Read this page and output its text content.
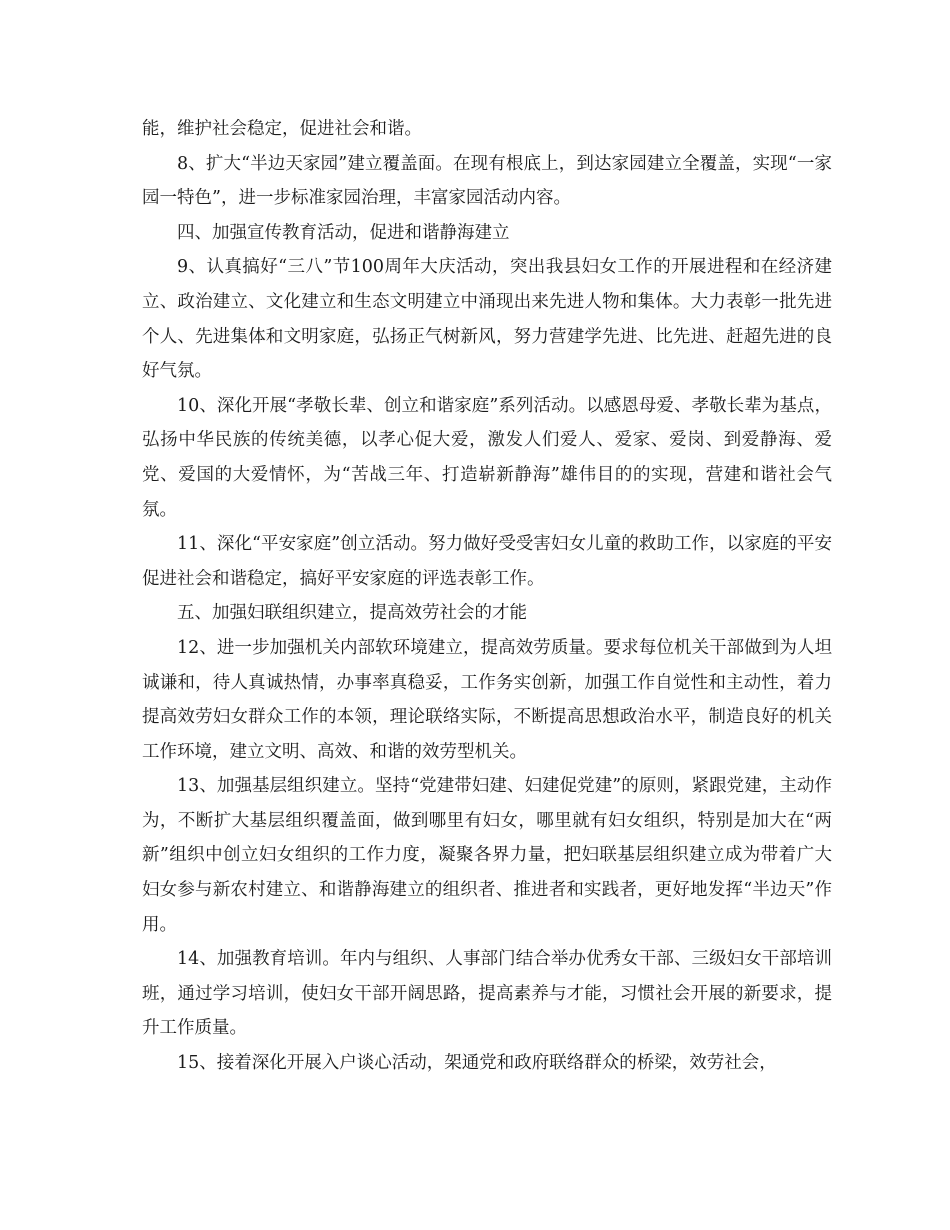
能，维护社会稳定，促进社会和谐。

8、扩大“半边天家园”建立覆盖面。在现有根底上，到达家园建立全覆盖，实现“一家园一特色”，进一步标准家园治理，丰富家园活动内容。

四、加强宣传教育活动，促进和谐静海建立

9、认真搞好“三八”节100周年大庆活动，突出我县妇女工作的开展进程和在经济建立、政治建立、文化建立和生态文明建立中涌现出来先进人物和集体。大力表彰一批先进个人、先进集体和文明家庭，弘扬正气树新风，努力营建学先进、比先进、赶超先进的良好气氛。

10、深化开展“孝敬长辈、创立和谐家庭”系列活动。以感恩母爱、孝敬长辈为基点，弘扬中华民族的传统美德，以孝心促大爱，激发人们爱人、爱家、爱岗、到爱静海、爱党、爱国的大爱情怀，为“苦战三年、打造崭新静海”雄伟目的的实现，营建和谐社会气氛。

11、深化“平安家庭”创立活动。努力做好受受害妇女儿童的救助工作，以家庭的平安促进社会和谐稳定，搞好平安家庭的评选表彰工作。

五、加强妇联组织建立，提高效劳社会的才能

12、进一步加强机关内部软环境建立，提高效劳质量。要求每位机关干部做到为人坦诚谦和，待人真诚热情，办事率真稳妥，工作务实创新，加强工作自觉性和主动性，着力提高效劳妇女群众工作的本领，理论联络实际，不断提高思想政治水平，制造良好的机关工作环境，建立文明、高效、和谐的效劳型机关。

13、加强基层组织建立。坚持“党建带妇建、妇建促党建”的原则，紧跟党建，主动作为，不断扩大基层组织覆盖面，做到哪里有妇女，哪里就有妇女组织，特别是加大在“两新”组织中创立妇女组织的工作力度，凝聚各界力量，把妇联基层组织建立成为带着广大妇女参与新农村建立、和谐静海建立的组织者、推进者和实践者，更好地发挥“半边天”作用。

14、加强教育培训。年内与组织、人事部门结合举办优秀女干部、三级妇女干部培训班，通过学习培训，使妇女干部开阔思路，提高素养与才能，习惯社会开展的新要求，提升工作质量。

15、接着深化开展入户谈心活动，架通党和政府联络群众的桥梁，效劳社会，
